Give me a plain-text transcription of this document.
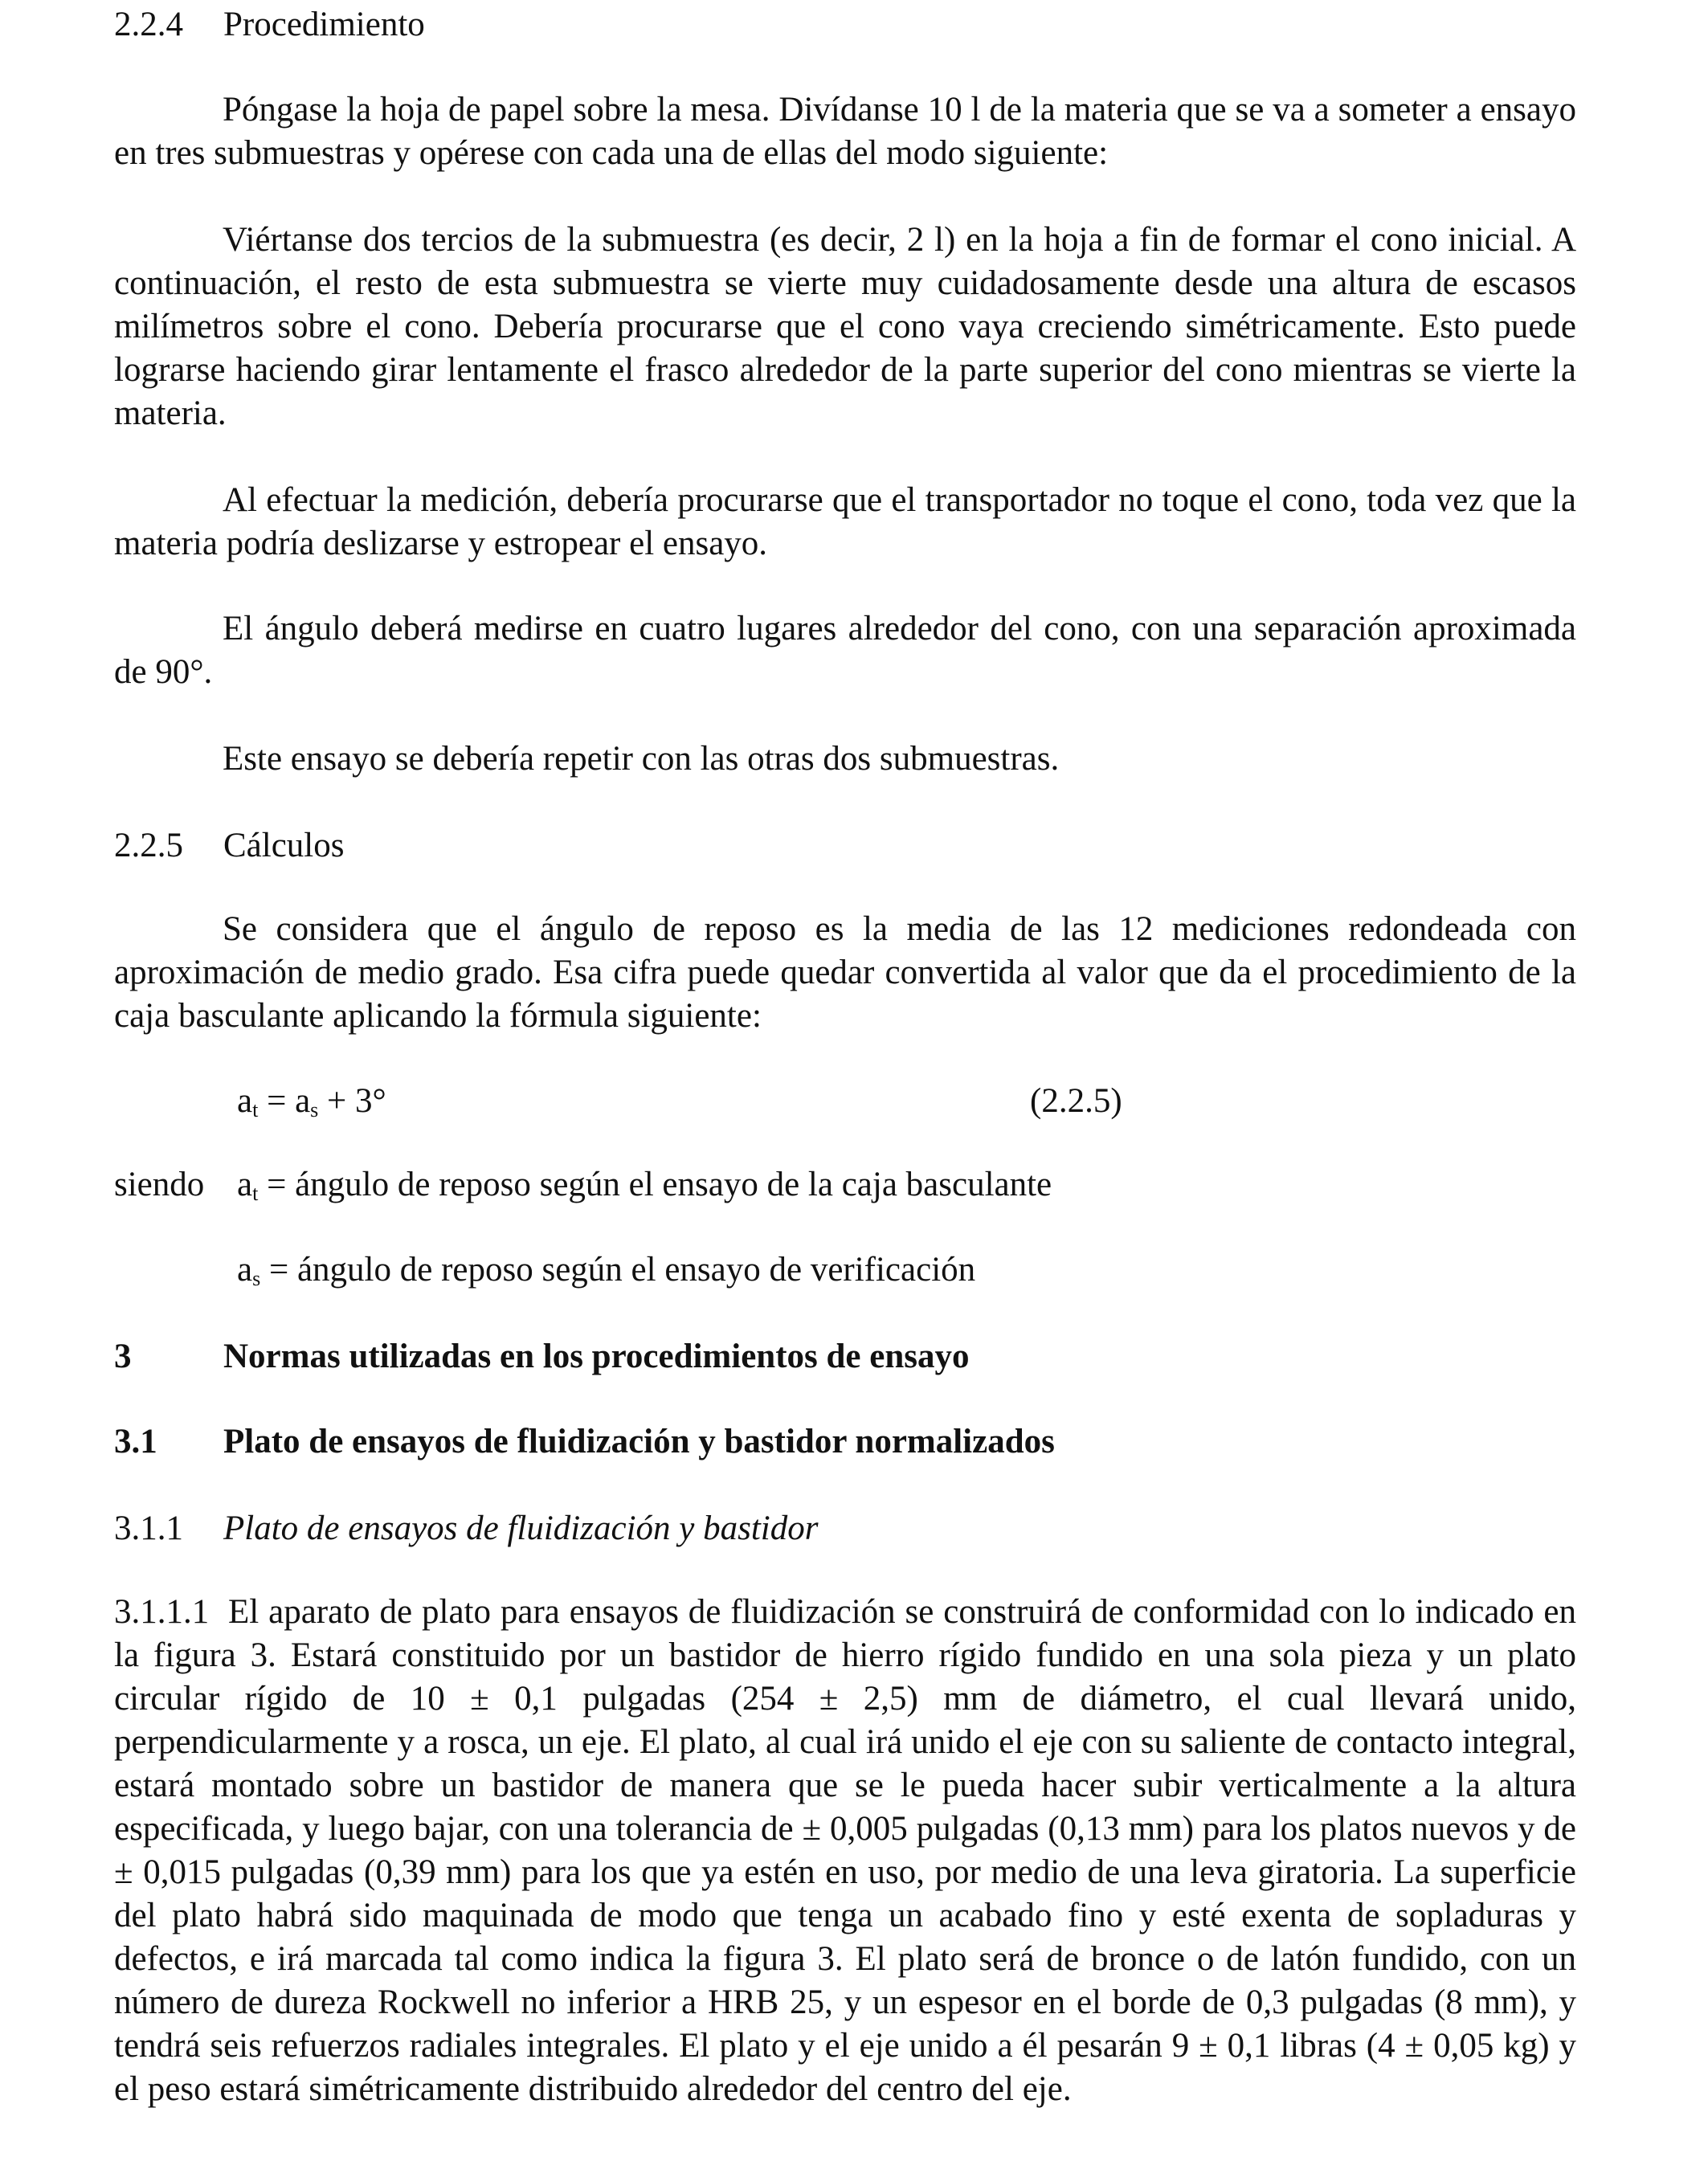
2.2.4 Procedimiento
Póngase la hoja de papel sobre la mesa. Divídanse 10 l de la materia que se va a someter a ensayo en tres submuestras y opérese con cada una de ellas del modo siguiente:
Viértanse dos tercios de la submuestra (es decir, 2 l) en la hoja a fin de formar el cono inicial. A continuación, el resto de esta submuestra se vierte muy cuidadosamente desde una altura de escasos milímetros sobre el cono. Debería procurarse que el cono vaya creciendo simétricamente. Esto puede lograrse haciendo girar lentamente el frasco alrededor de la parte superior del cono mientras se vierte la materia.
Al efectuar la medición, debería procurarse que el transportador no toque el cono, toda vez que la materia podría deslizarse y estropear el ensayo.
El ángulo deberá medirse en cuatro lugares alrededor del cono, con una separación aproximada de 90°.
Este ensayo se debería repetir con las otras dos submuestras.
2.2.5 Cálculos
Se considera que el ángulo de reposo es la media de las 12 mediciones redondeada con aproximación de medio grado. Esa cifra puede quedar convertida al valor que da el procedimiento de la caja basculante aplicando la fórmula siguiente:
$a_t = a_s + 3^\circ$	(2.2.5)
siendo $a_t$ = ángulo de reposo según el ensayo de la caja basculante
$a_s$ = ángulo de reposo según el ensayo de verificación
3	Normas utilizadas en los procedimientos de ensayo
3.1 Plato de ensayos de fluidización y bastidor normalizados
3.1.1 Plato de ensayos de fluidización y bastidor
3.1.1.1 El aparato de plato para ensayos de fluidización se construirá de conformidad con lo indicado en la figura 3. Estará constituido por un bastidor de hierro rígido fundido en una sola pieza y un plato circular rígido de 10 ± 0,1 pulgadas (254 ± 2,5) mm de diámetro, el cual llevará unido, perpendicularmente y a rosca, un eje. El plato, al cual irá unido el eje con su saliente de contacto integral, estará montado sobre un bastidor de manera que se le pueda hacer subir verticalmente a la altura especificada, y luego bajar, con una tolerancia de ± 0,005 pulgadas (0,13 mm) para los platos nuevos y de ± 0,015 pulgadas (0,39 mm) para los que ya estén en uso, por medio de una leva giratoria. La superficie del plato habrá sido maquinada de modo que tenga un acabado fino y esté exenta de sopladuras y defectos, e irá marcada tal como indica la figura 3. El plato será de bronce o de latón fundido, con un número de dureza Rockwell no inferior a HRB 25, y un espesor en el borde de 0,3 pulgadas (8 mm), y tendrá seis refuerzos radiales integrales. El plato y el eje unido a él pesarán 9 ± 0,1 libras (4 ± 0,05 kg) y el peso estará simétricamente distribuido alrededor del centro del eje.
